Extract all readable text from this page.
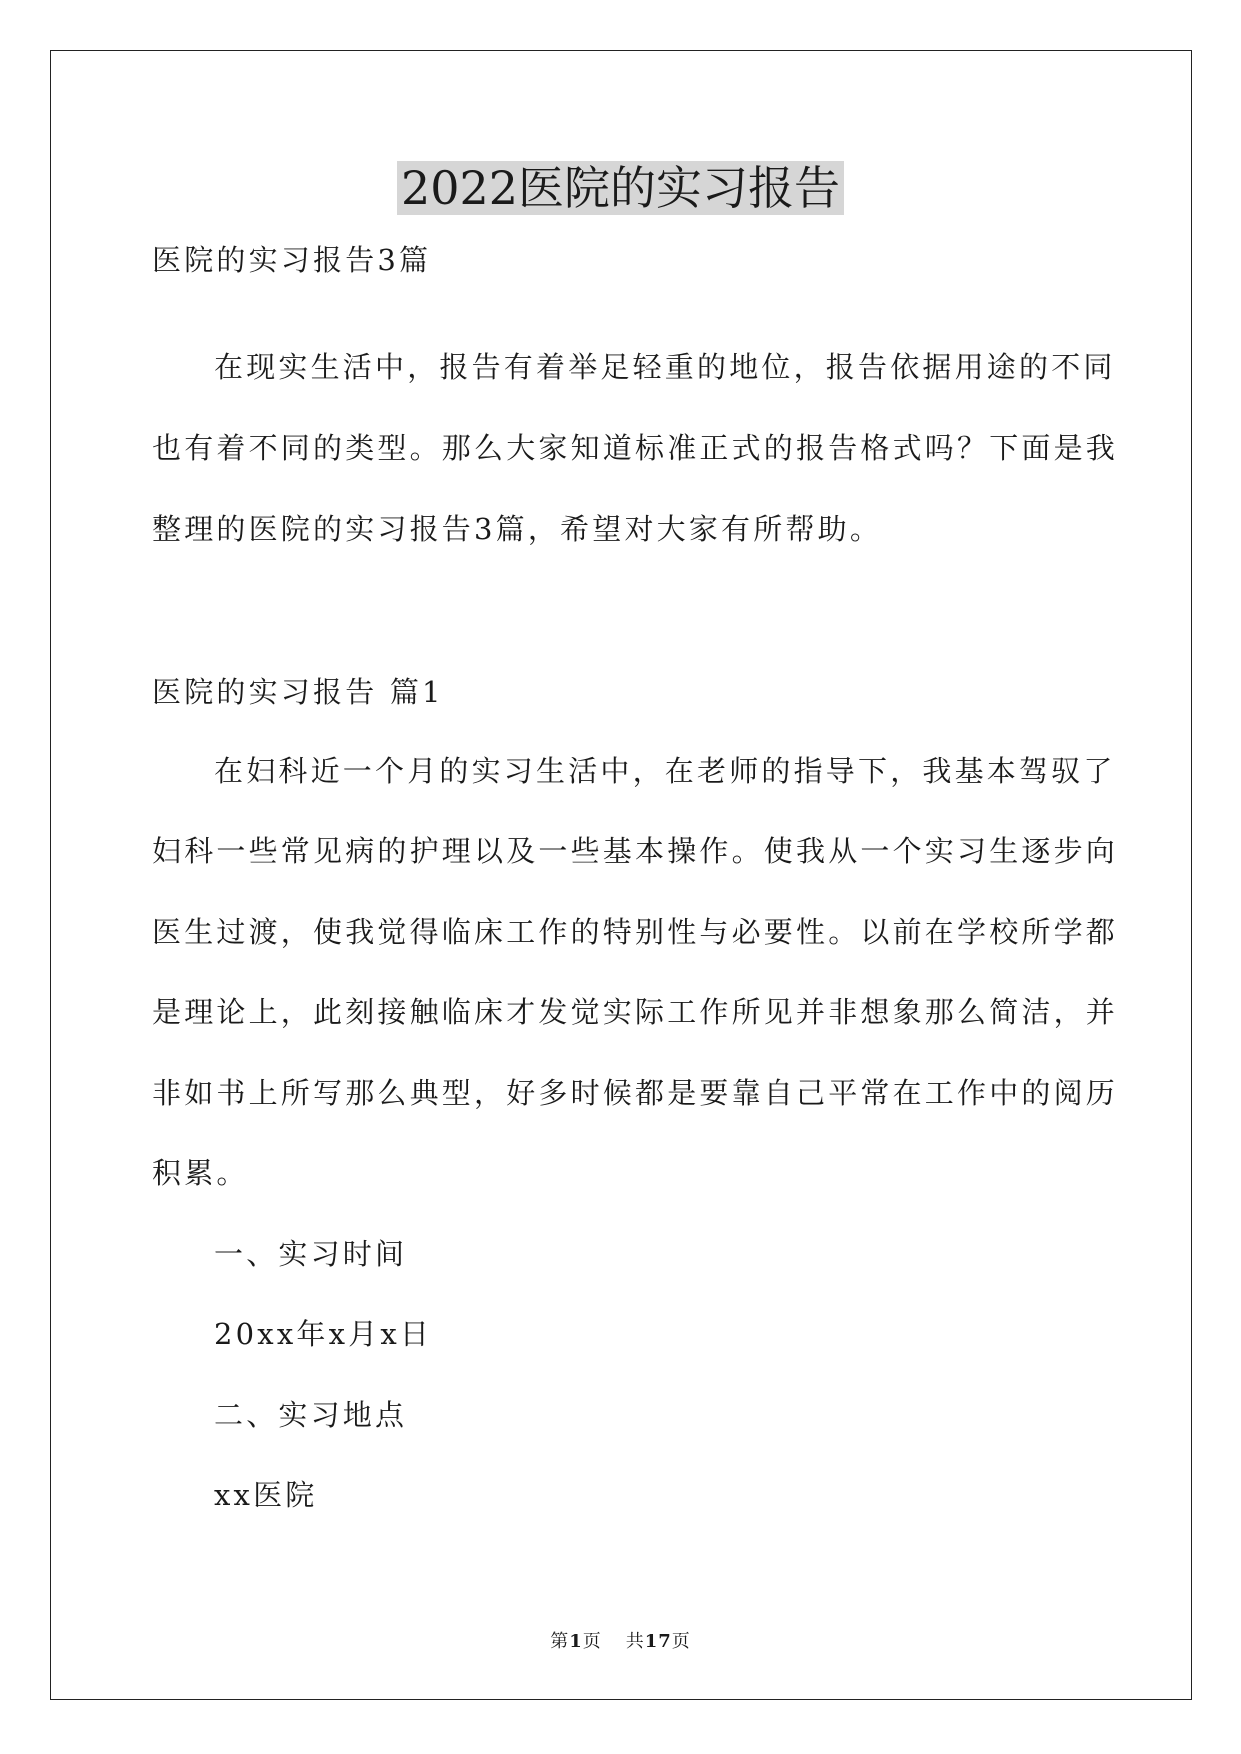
2022医院的实习报告

医院的实习报告3篇

在现实生活中，报告有着举足轻重的地位，报告依据用途的不同

也有着不同的类型。那么大家知道标准正式的报告格式吗？下面是我

整理的医院的实习报告3篇，希望对大家有所帮助。

医院的实习报告 篇1

在妇科近一个月的实习生活中，在老师的指导下，我基本驾驭了

妇科一些常见病的护理以及一些基本操作。使我从一个实习生逐步向

医生过渡，使我觉得临床工作的特别性与必要性。以前在学校所学都

是理论上，此刻接触临床才发觉实际工作所见并非想象那么简洁，并

非如书上所写那么典型，好多时候都是要靠自己平常在工作中的阅历

积累。

一、实习时间

20xx年x月x日

二、实习地点

xx医院

第1页 共17页
